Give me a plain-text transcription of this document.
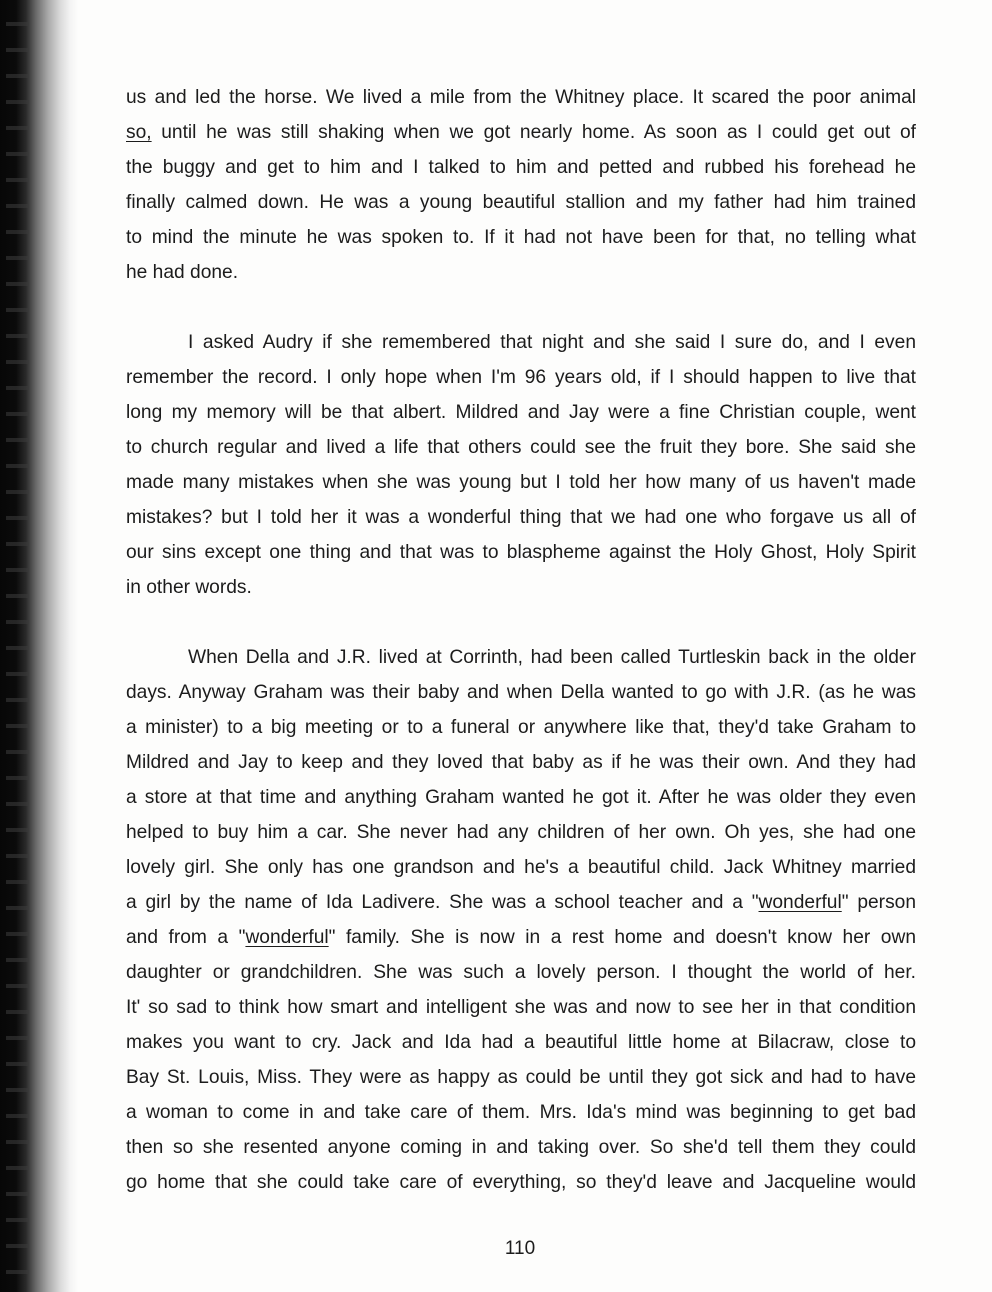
us and led the horse. We lived a mile from the Whitney place. It scared the poor animal
so, until he was still shaking when we got nearly home. As soon as I could get out of
the buggy and get to him and I talked to him and petted and rubbed his forehead he
finally calmed down. He was a young beautiful stallion and my father had him trained
to mind the minute he was spoken to. If it had not have been for that, no telling what
he had done.
I asked Audry if she remembered that night and she said I sure do, and I even
remember the record. I only hope when I'm 96 years old, if I should happen to live that
long my memory will be that albert. Mildred and Jay were a fine Christian couple, went
to church regular and lived a life that others could see the fruit they bore. She said she
made many mistakes when she was young but I told her how many of us haven't made
mistakes? but I told her it was a wonderful thing that we had one who forgave us all of
our sins except one thing and that was to blaspheme against the Holy Ghost, Holy Spirit
in other words.
When Della and J.R. lived at Corrinth, had been called Turtleskin back in the older
days. Anyway Graham was their baby and when Della wanted to go with J.R. (as he was
a minister) to a big meeting or to a funeral or anywhere like that, they'd take Graham to
Mildred and Jay to keep and they loved that baby as if he was their own. And they had
a store at that time and anything Graham wanted he got it. After he was older they even
helped to buy him a car. She never had any children of her own. Oh yes, she had one
lovely girl. She only has one grandson and he's a beautiful child. Jack Whitney married
a girl by the name of Ida Ladivere. She was a school teacher and a "wonderful" person
and from a "wonderful" family. She is now in a rest home and doesn't know her own
daughter or grandchildren. She was such a lovely person. I thought the world of her.
It' so sad to think how smart and intelligent she was and now to see her in that condition
makes you want to cry. Jack and Ida had a beautiful little home at Bilacraw, close to
Bay St. Louis, Miss. They were as happy as could be until they got sick and had to have
a woman to come in and take care of them. Mrs. Ida's mind was beginning to get bad
then so she resented anyone coming in and taking over. So she'd tell them they could
go home that she could take care of everything, so they'd leave and Jacqueline would
110
